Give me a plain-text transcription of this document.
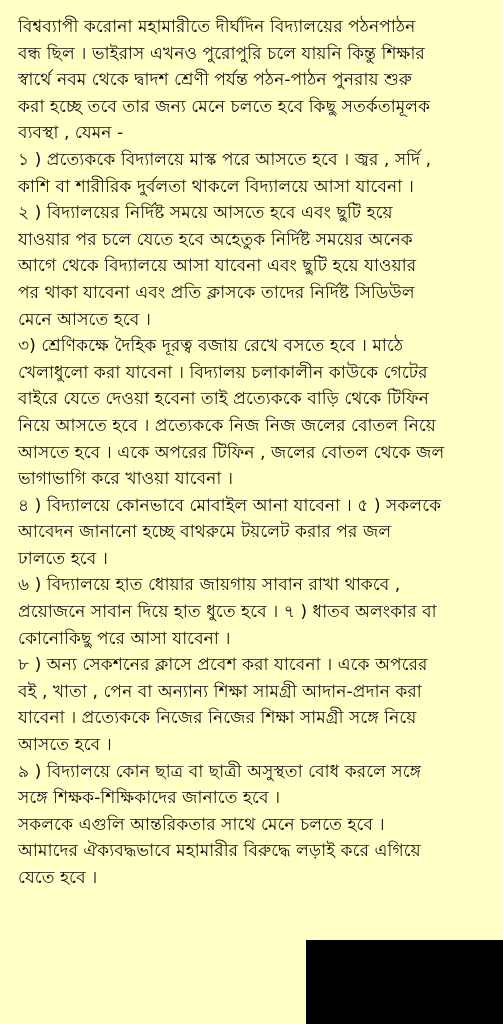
বিশ্বব্যাপী করোনা মহামারীতে দীর্ঘদিন বিদ্যালয়ের পঠনপাঠন
বন্ধ ছিল । ভাইরাস এখনও পুরোপুরি চলে যায়নি কিন্তু শিক্ষার
স্বার্থে নবম থেকে দ্বাদশ শ্রেণী পর্যন্ত পঠন-পাঠন পুনরায় শুরু
করা হচ্ছে তবে তার জন্য মেনে চলতে হবে কিছু সতর্কতামূলক
ব্যবস্থা , যেমন -

১ ) প্রত্যেককে বিদ্যালয়ে মাস্ক পরে আসতে হবে । জ্বর , সর্দি ,
কাশি বা শারীরিক দুর্বলতা থাকলে বিদ্যালয়ে আসা যাবেনা ।

২ ) বিদ্যালয়ের নির্দিষ্ট সময়ে আসতে হবে এবং ছুটি হয়ে
যাওয়ার পর চলে যেতে হবে অহেতুক নির্দিষ্ট সময়ের অনেক
আগে থেকে বিদ্যালয়ে আসা যাবেনা এবং ছুটি হয়ে যাওয়ার
পর থাকা যাবেনা এবং প্রতি ক্লাসকে তাদের নির্দিষ্ট সিডিউল
মেনে আসতে হবে ।

৩) শ্রেণিকক্ষে দৈহিক দূরত্ব বজায় রেখে বসতে হবে । মাঠে
খেলাধুলো করা যাবেনা । বিদ্যালয় চলাকালীন কাউকে গেটের
বাইরে যেতে দেওয়া হবেনা তাই প্রত্যেককে বাড়ি থেকে টিফিন
নিয়ে আসতে হবে । প্রত্যেককে নিজ নিজ জলের বোতল নিয়ে
আসতে হবে । একে অপরের টিফিন , জলের বোতল থেকে জল
ভাগাভাগি করে খাওয়া যাবেনা ।

৪ ) বিদ্যালয়ে কোনভাবে মোবাইল আনা যাবেনা । ৫ ) সকলকে
আবেদন জানানো হচ্ছে বাথরুমে টয়লেট করার পর জল
ঢালতে হবে ।

৬ ) বিদ্যালয়ে হাত ধোয়ার জায়গায় সাবান রাখা থাকবে ,
প্রয়োজনে সাবান দিয়ে হাত ধুতে হবে । ৭ ) ধাতব অলংকার বা
কোনোকিছু পরে আসা যাবেনা ।

৮ ) অন্য সেকশনের ক্লাসে প্রবেশ করা যাবেনা । একে অপরের
বই , খাতা , পেন বা অন্যান্য শিক্ষা সামগ্রী আদান-প্রদান করা
যাবেনা । প্রত্যেককে নিজের নিজের শিক্ষা সামগ্রী সঙ্গে নিয়ে
আসতে হবে ।

৯ ) বিদ্যালয়ে কোন ছাত্র বা ছাত্রী অসুস্থতা বোধ করলে সঙ্গে
সঙ্গে শিক্ষক-শিক্ষিকাদের জানাতে হবে ।

সকলকে এগুলি আন্তরিকতার সাথে মেনে চলতে হবে ।
আমাদের ঐক্যবদ্ধভাবে মহামারীর বিরুদ্ধে লড়াই করে এগিয়ে
যেতে হবে ।
